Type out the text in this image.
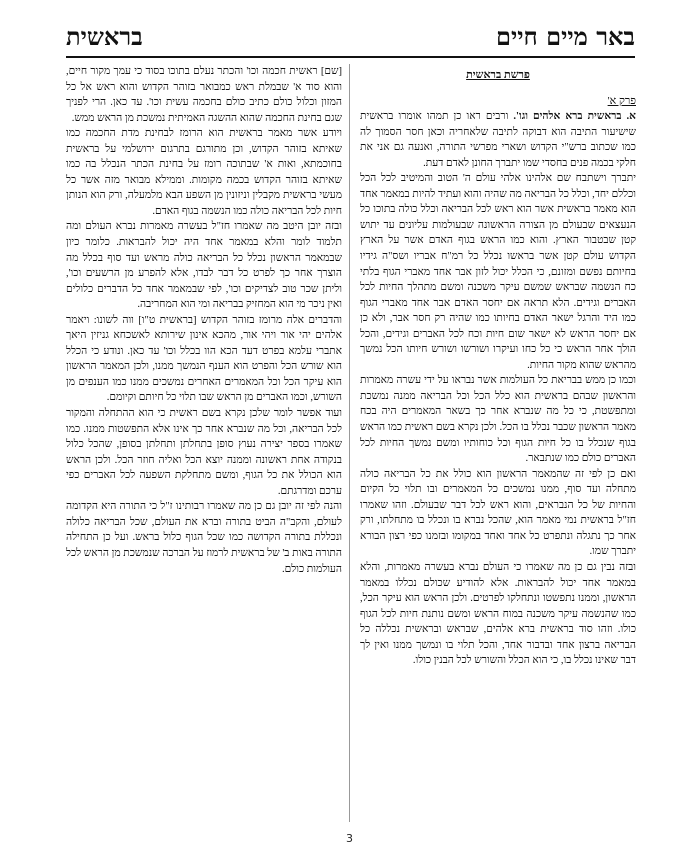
באר מיים חיים
בראשית
פרשת בראשית
פרק א'

א. בראשית ברא אלהים וגו'. ורבים ראו כן תמהו אומרו בראשית שישיעור התיבה הוא דבוקה לתיבה שלאחריה וכאן חסר הסמוך לה כמו שכתוב ברש"י הקדוש ושארי מפרשי התורה, ואנעה גם אני את חלקי בכמה פנים בחסדי שמו יתברך החונן לאדם דעת.

יתברך וישתבח שם אלהינו אלהי עולם ה' הטוב והמיטיב לכל הכל וכללם יחד, וכלל כל הבריאה מה שהיה והוא ועתיד להיות במאמר אחד הוא מאמר בראשית אשר הוא ראש לכל הבריאה וכלל כולה בתוכו כל הנעצאים שבעולם מן הצורה הראשונה שבעולמות עליונים עד יתוש קטן שבטבור הארץ. והוא כמו הראש בגוף האדם אשר על הארץ הקדוש עולם קטן אשר בראשו נכלל כל רמ"ח אבריו ושס"ה גידיו בחיותם נפשם ומזונם, כי הכלל יכול לזון אבר אחד מאברי הגוף בלתי כח הנשמה שבראש שמשם עיקר משכנה ומשם מתהלך החיות לכל האברים וגידים. הלא תראה אם יחסר האדם אבר אחד מאברי הגוף כמו היד והרגל ישאר האדם בחיותו כמו שהיה רק חסר אבר, ולא כן אם יחסר הראש לא ישאר שום חיות וכח לכל האברים וגידים, והכל הולך אחר הראש כי כל כחו ועיקרו ושורשו ושורש חיותו הכל נמשך מהראש שהוא מקור החיות.

וכמו כן ממש בבריאת כל העולמות אשר נבראו על ידי עשרה מאמרות והראשון שבהם בראשית הוא כלל הכל וכל הבריאה ממנה נמשכת ומתפשטת, כי כל מה שנברא אחר כך בשאר המאמרים היה בכח מאמר הראשון שכבר נכלל בו הכל. ולכן נקרא בשם ראשית כמו הראש בגוף שנכלל בו כל חיות הגוף וכל כוחותיו ומשם נמשך החיות לכל האברים כולם כמו שנתבאר.

ואם כן לפי זה שהמאמר הראשון הוא כולל את כל הבריאה כולה מתחלה ועד סוף, ממנו נמשכים כל המאמרים ובו תלוי כל הקיום והחיות של כל הנבראים, והוא ראש לכל דבר שבעולם. וזהו שאמרו חז"ל בראשית נמי מאמר הוא, שהכל נברא בו ונכלל בו מתחלתו, ורק אחר כך נתגלה ונתפרט כל אחד ואחד במקומו ובזמנו כפי רצון הבורא יתברך שמו.

ובזה נבין גם כן מה שאמרו כי העולם נברא בעשרה מאמרות, והלא במאמר אחד יכול להבראות. אלא להודיע שכולם נכללו במאמר הראשון, וממנו נתפשטו ונתחלקו לפרטים. ולכן הראש הוא עיקר הכל, כמו שהנשמה עיקר משכנה במוח הראש ומשם נותנת חיות לכל הגוף כולו. וזהו סוד בראשית ברא אלהים, שבראש ובראשית נכללה כל הבריאה ברצון אחד ובדבור אחד, והכל תלוי בו ונמשך ממנו ואין לך דבר שאינו נכלל בו, כי הוא הכלל והשורש לכל הבנין כולו.

[שם] ראשית חכמה וכו' והכתר נעלם בתוכו בסוד כי עמך מקור חיים, והוא סוד א' שבמלת ראש כמבואר בזוהר הקדוש והוא ראש אל כל המזון וכלול כולם כתיב כולם בחכמה עשית וכו'. עד כאן. הרי לפניך שגם בחינת החכמה שהוא ההשגה האמיתית נמשכת מן הראש ממש.

ויודע אשר מאמר בראשית הוא הרומז לבחינת מדת החכמה כמו שאיתא בזוהר הקדוש, וכן מתורגם בתרגום ירושלמי על בראשית בחוכמתא, ואות א' שבתוכה רומז על בחינת הכתר הנכלל בה כמו שאיתא בזוהר הקדוש בכמה מקומות. וממילא מבואר מזה אשר כל מעשי בראשית מקבלין וניזונין מן השפע הבא מלמעלה, ורק הוא הנותן חיות לכל הבריאה כולה כמו הנשמה בגוף האדם.

ובזה יובן היטב מה שאמרו חז"ל בעשרה מאמרות נברא העולם ומה תלמוד לומר והלא במאמר אחד היה יכול להבראות. כלומר כיון שבמאמר הראשון נכלל כל הבריאה כולה מראש ועד סוף בכלל מה הוצרך אחר כך לפרט כל דבר לבדו, אלא להפרע מן הרשעים וכו', וליתן שכר טוב לצדיקים וכו', לפי שבמאמר אחד כל הדברים כלולים ואין ניכר מי הוא המחזיק בבריאה ומי הוא המחריבה.

והדברים אלה מרומז בזוהר הקדוש [בראשית ט"ו] ווה לשונו: ויאמר אלהים יהי אור ויהי אור, מהכא אינון שירותא לאשכחא גניזין היאך אתברי עלמא בפרט דעד הכא הוו בכלל וכו' עד כאן. ונודע כי הכלל הוא שורש הכל והפרט הוא הענף הנמשך ממנו, ולכן המאמר הראשון הוא עיקר הכל וכל המאמרים האחרים נמשכים ממנו כמו הענפים מן השורש, וכמו האברים מן הראש שבו תלוי כל חיותם וקיומם.

ועוד אפשר לומר שלכן נקרא בשם ראשית כי הוא ההתחלה והמקור לכל הבריאה, וכל מה שנברא אחר כך אינו אלא התפשטות ממנו. כמו שאמרו בספר יצירה נעוץ סופן בתחלתן ותחלתן בסופן, שהכל כלול בנקודה אחת ראשונה וממנה יוצא הכל ואליה חוזר הכל. ולכן הראש הוא הכולל את כל הגוף, ומשם מתחלקת השפעה לכל האברים כפי ערכם ומדרגתם.

והנה לפי זה יובן גם כן מה שאמרו רבותינו ז"ל כי התורה היא הקדומה לעולם, והקב"ה הביט בתורה וברא את העולם, שכל הבריאה כלולה ונכללת בתורה הקדושה כמו שכל הגוף כלול בראש. ועל כן התחילה התורה באות ב' של בראשית לרמוז על הברכה שנמשכת מן הראש לכל העולמות כולם.

3
